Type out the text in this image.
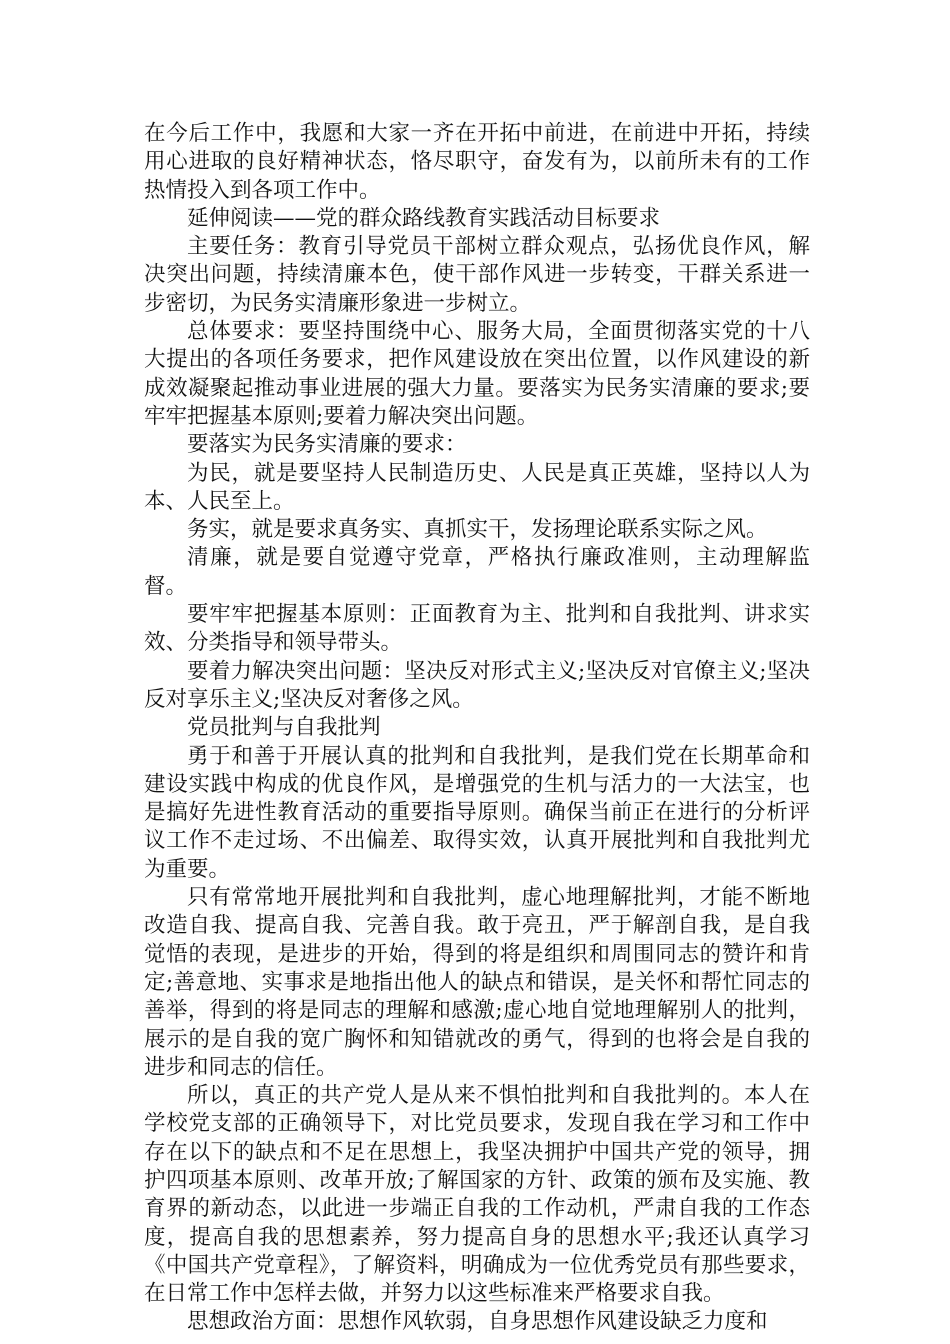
在今后工作中，我愿和大家一齐在开拓中前进，在前进中开拓，持续用心进取的良好精神状态，恪尽职守，奋发有为，以前所未有的工作热情投入到各项工作中。

延伸阅读——党的群众路线教育实践活动目标要求

主要任务：教育引导党员干部树立群众观点，弘扬优良作风，解决突出问题，持续清廉本色，使干部作风进一步转变，干群关系进一步密切，为民务实清廉形象进一步树立。

总体要求：要坚持围绕中心、服务大局，全面贯彻落实党的十八大提出的各项任务要求，把作风建设放在突出位置，以作风建设的新成效凝聚起推动事业进展的强大力量。要落实为民务实清廉的要求;要牢牢把握基本原则;要着力解决突出问题。

要落实为民务实清廉的要求：

为民，就是要坚持人民制造历史、人民是真正英雄，坚持以人为本、人民至上。

务实，就是要求真务实、真抓实干，发扬理论联系实际之风。

清廉，就是要自觉遵守党章，严格执行廉政准则，主动理解监督。

要牢牢把握基本原则：正面教育为主、批判和自我批判、讲求实效、分类指导和领导带头。

要着力解决突出问题：坚决反对形式主义;坚决反对官僚主义;坚决反对享乐主义;坚决反对奢侈之风。

党员批判与自我批判

勇于和善于开展认真的批判和自我批判，是我们党在长期革命和建设实践中构成的优良作风，是增强党的生机与活力的一大法宝，也是搞好先进性教育活动的重要指导原则。确保当前正在进行的分析评议工作不走过场、不出偏差、取得实效，认真开展批判和自我批判尤为重要。

只有常常地开展批判和自我批判，虚心地理解批判，才能不断地改造自我、提高自我、完善自我。敢于亮丑，严于解剖自我，是自我觉悟的表现，是进步的开始，得到的将是组织和周围同志的赞许和肯定;善意地、实事求是地指出他人的缺点和错误，是关怀和帮忙同志的善举，得到的将是同志的理解和感激;虚心地自觉地理解别人的批判，展示的是自我的宽广胸怀和知错就改的勇气，得到的也将会是自我的进步和同志的信任。

所以，真正的共产党人是从来不惧怕批判和自我批判的。本人在学校党支部的正确领导下，对比党员要求，发现自我在学习和工作中存在以下的缺点和不足在思想上，我坚决拥护中国共产党的领导，拥护四项基本原则、改革开放;了解国家的方针、政策的颁布及实施、教育界的新动态，以此进一步端正自我的工作动机，严肃自我的工作态度，提高自我的思想素养，努力提高自身的思想水平;我还认真学习《中国共产党章程》，了解资料，明确成为一位优秀党员有那些要求，在日常工作中怎样去做，并努力以这些标准来严格要求自我。

思想政治方面：思想作风软弱，自身思想作风建设缺乏力度和
